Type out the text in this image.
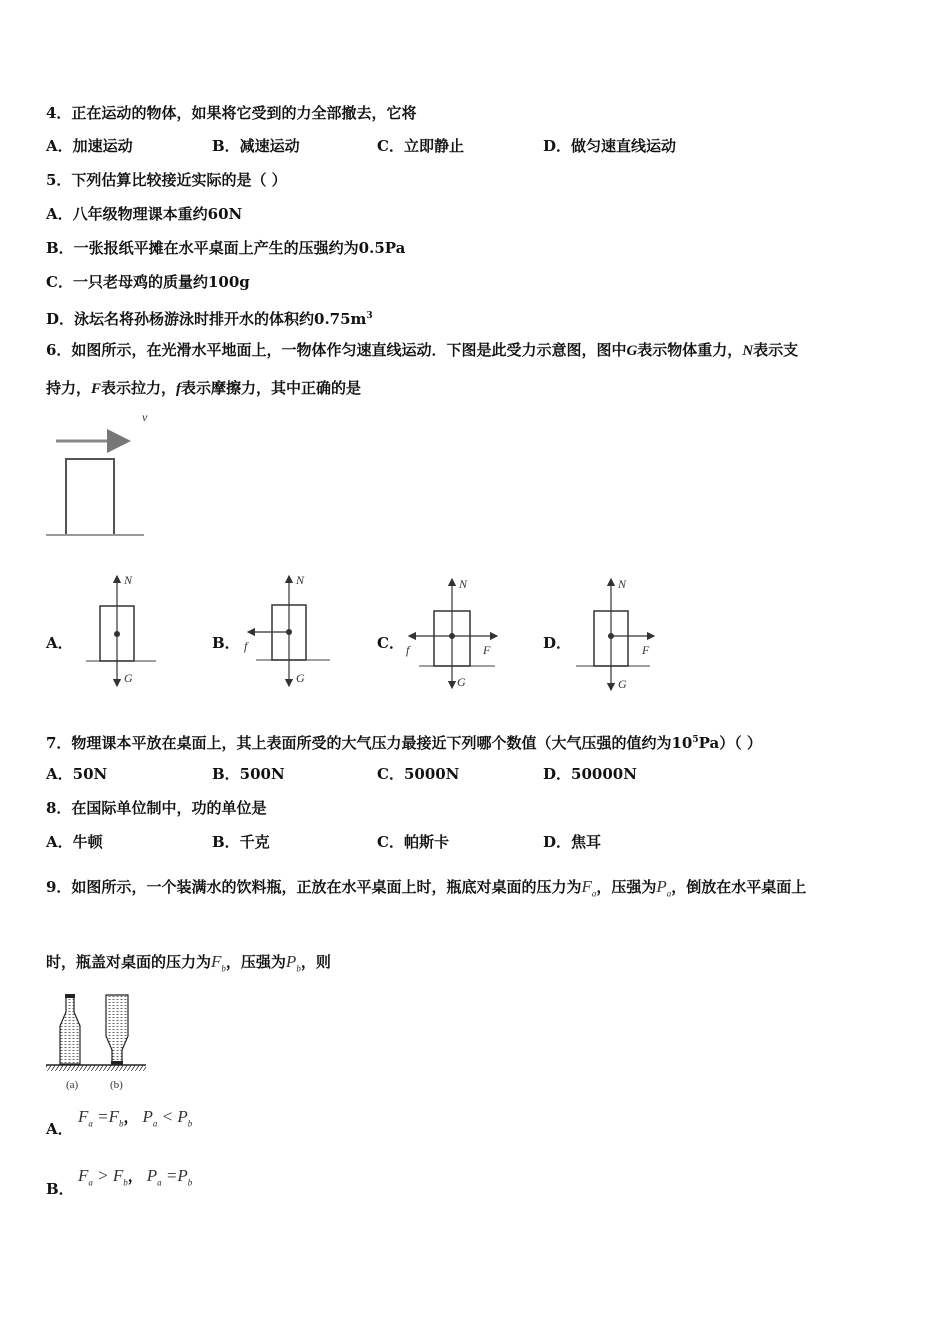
4．正在运动的物体，如果将它受到的力全部撤去，它将
A．加速运动	B．减速运动	C．立即静止	D．做匀速直线运动
5．下列估算比较接近实际的是（ ）
A．八年级物理课本重约60N
B．一张报纸平摊在水平桌面上产生的压强约为0.5Pa
C．一只老母鸡的质量约100g
D．泳坛名将孙杨游泳时排开水的体积约$0.75m^3$
6．如图所示，在光滑水平地面上，一物体作匀速直线运动．下图是此受力示意图，图中G表示物体重力，N表示支
持力，F表示拉力，f表示摩擦力，其中正确的是
v
A．	B．	C．	D．
N
G
N
G
f
N
G
f	F
N
G
F
7．物理课本平放在桌面上，其上表面所受的大气压力最接近下列哪个数值（大气压强的值约为$10^5Pa$）（ ）
A．50N	B．500N	C．5000N	D．50000N
8．在国际单位制中，功的单位是
A．牛顿	B．千克	C．帕斯卡	D．焦耳
9．如图所示，一个装满水的饮料瓶，正放在水平桌面上时，瓶底对桌面的压力为$F_a$，压强为$P_a$，倒放在水平桌面上
时，瓶盖对桌面的压力为$F_b$，压强为$P_b$，则
(a)	(b)
A．
$F_a =F_b$， $P_a < P_b$
B．
$F_a > F_b$， $P_a =P_b$
